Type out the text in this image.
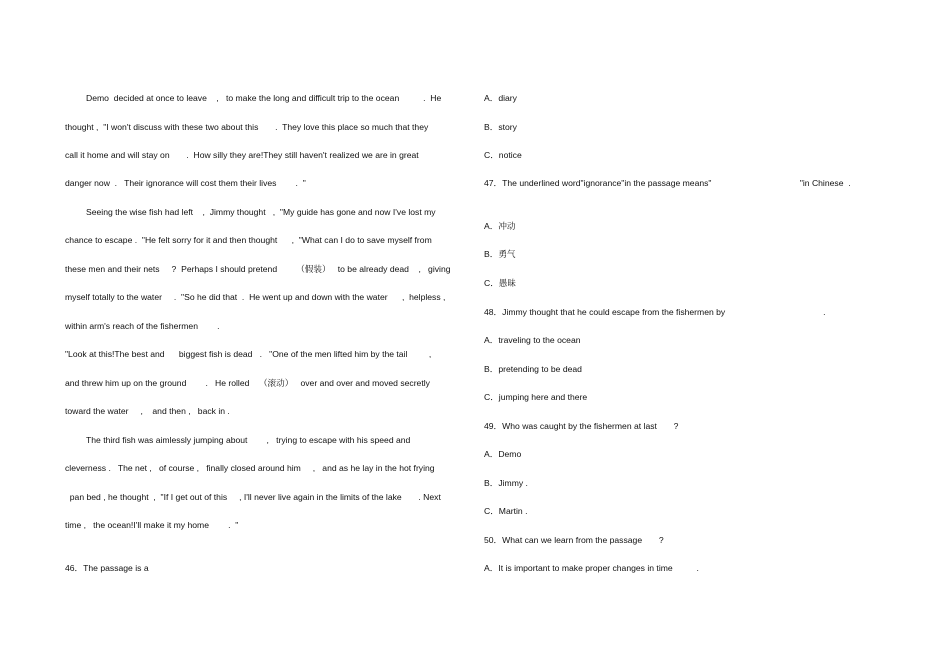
Demo  decided at once to leave    ,   to make the long and difficult trip to the ocean          .  He
thought ,  "I won't discuss with these two about this       .  They love this place so much that they
call it home and will stay on       .  How silly they are!They still haven't realized we are in great
danger now  .   Their ignorance will cost them their lives        .  "
Seeing the wise fish had left    ,  Jimmy thought   ,  "My guide has gone and now I've lost my
chance to escape .  "He felt sorry for it and then thought      ,  "What can I do to save myself from
these men and their nets     ?  Perhaps I should pretend        （假装）   to be already dead    ,   giving
myself totally to the water     .  "So he did that  .  He went up and down with the water      ,  helpless ,
within arm's reach of the fishermen        .
"Look at this!The best and      biggest fish is dead   .   "One of the men lifted him by the tail         ,
and threw him up on the ground        .   He rolled    （滚动）   over and over and moved secretly
toward the water     ,    and then ,   back in .
The third fish was aimlessly jumping about        ,   trying to escape with his speed and
cleverness .   The net ,   of course ,   finally closed around him     ,   and as he lay in the hot frying
pan bed , he thought  ,  "If I get out of this     , I'll never live again in the limits of the lake       . Next
time ,   the ocean!I'll make it my home        .  "
46．The passage is a
A．diary
B．story
C．notice
47．The underlined word"ignorance"in the passage means"                                     "in Chinese  .
A．冲动
B．勇气
C．愚昧
48．Jimmy thought that he could escape from the fishermen by                                         .
A．traveling to the ocean
B．pretending to be dead
C．jumping here and there
49．Who was caught by the fishermen at last       ?
A．Demo
B．Jimmy .
C．Martin .
50．What can we learn from the passage       ?
A．It is important to make proper changes in time          .
